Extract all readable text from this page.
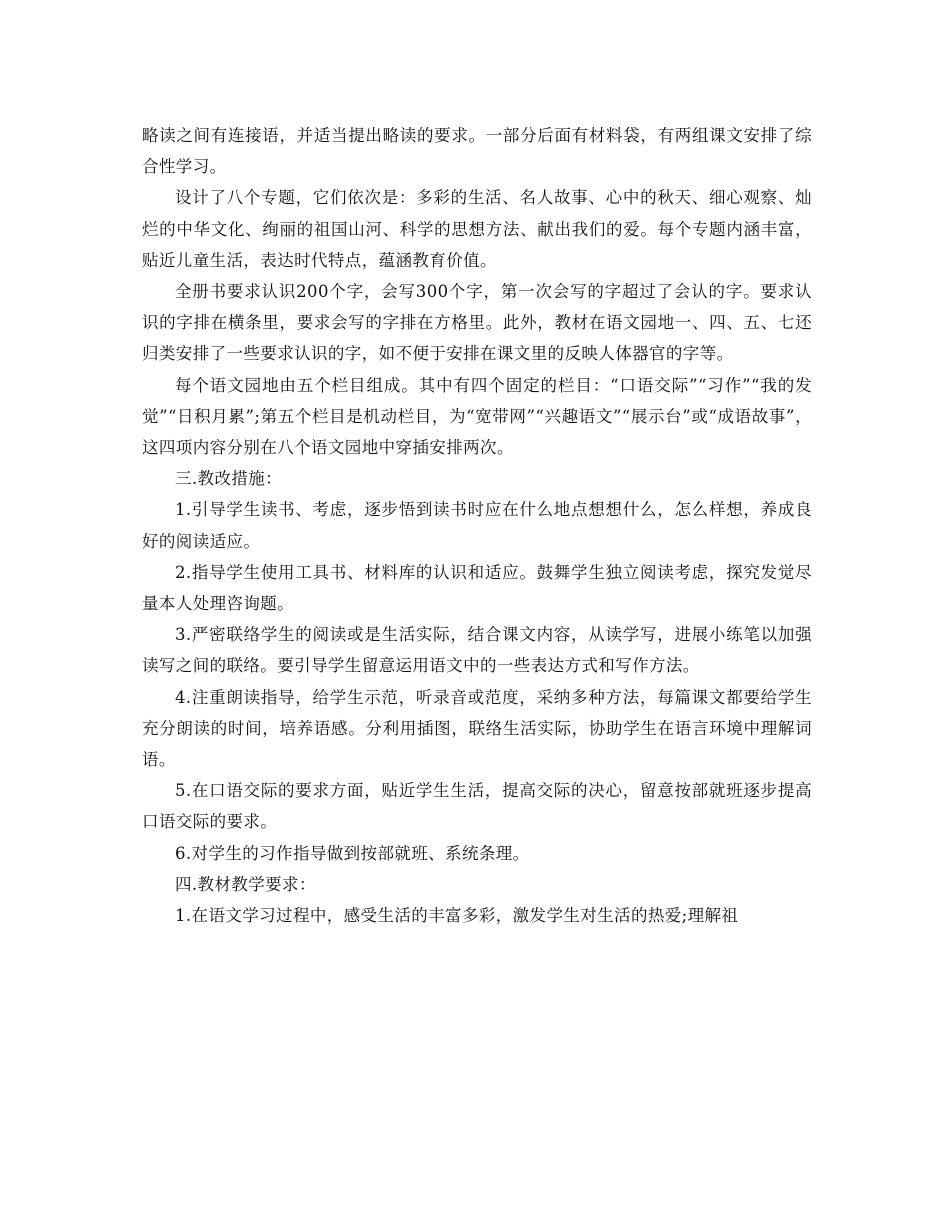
略读之间有连接语，并适当提出略读的要求。一部分后面有材料袋，有两组课文安排了综合性学习。

设计了八个专题，它们依次是：多彩的生活、名人故事、心中的秋天、细心观察、灿烂的中华文化、绚丽的祖国山河、科学的思想方法、献出我们的爱。每个专题内涵丰富，贴近儿童生活，表达时代特点，蕴涵教育价值。

全册书要求认识200个字，会写300个字，第一次会写的字超过了会认的字。要求认识的字排在横条里，要求会写的字排在方格里。此外，教材在语文园地一、四、五、七还归类安排了一些要求认识的字，如不便于安排在课文里的反映人体器官的字等。

每个语文园地由五个栏目组成。其中有四个固定的栏目：“口语交际”“习作”“我的发觉”“日积月累”;第五个栏目是机动栏目，为“宽带网”“兴趣语文”“展示台”或“成语故事”，这四项内容分别在八个语文园地中穿插安排两次。

三.教改措施：

1.引导学生读书、考虑，逐步悟到读书时应在什么地点想想什么，怎么样想，养成良好的阅读适应。

2.指导学生使用工具书、材料库的认识和适应。鼓舞学生独立阅读考虑，探究发觉尽量本人处理咨询题。

3.严密联络学生的阅读或是生活实际，结合课文内容，从读学写，进展小练笔以加强读写之间的联络。要引导学生留意运用语文中的一些表达方式和写作方法。

4.注重朗读指导，给学生示范，听录音或范度，采纳多种方法，每篇课文都要给学生充分朗读的时间，培养语感。分利用插图，联络生活实际，协助学生在语言环境中理解词语。

5.在口语交际的要求方面，贴近学生生活，提高交际的决心，留意按部就班逐步提高口语交际的要求。

6.对学生的习作指导做到按部就班、系统条理。

四.教材教学要求：

1.在语文学习过程中，感受生活的丰富多彩，激发学生对生活的热爱;理解祖
